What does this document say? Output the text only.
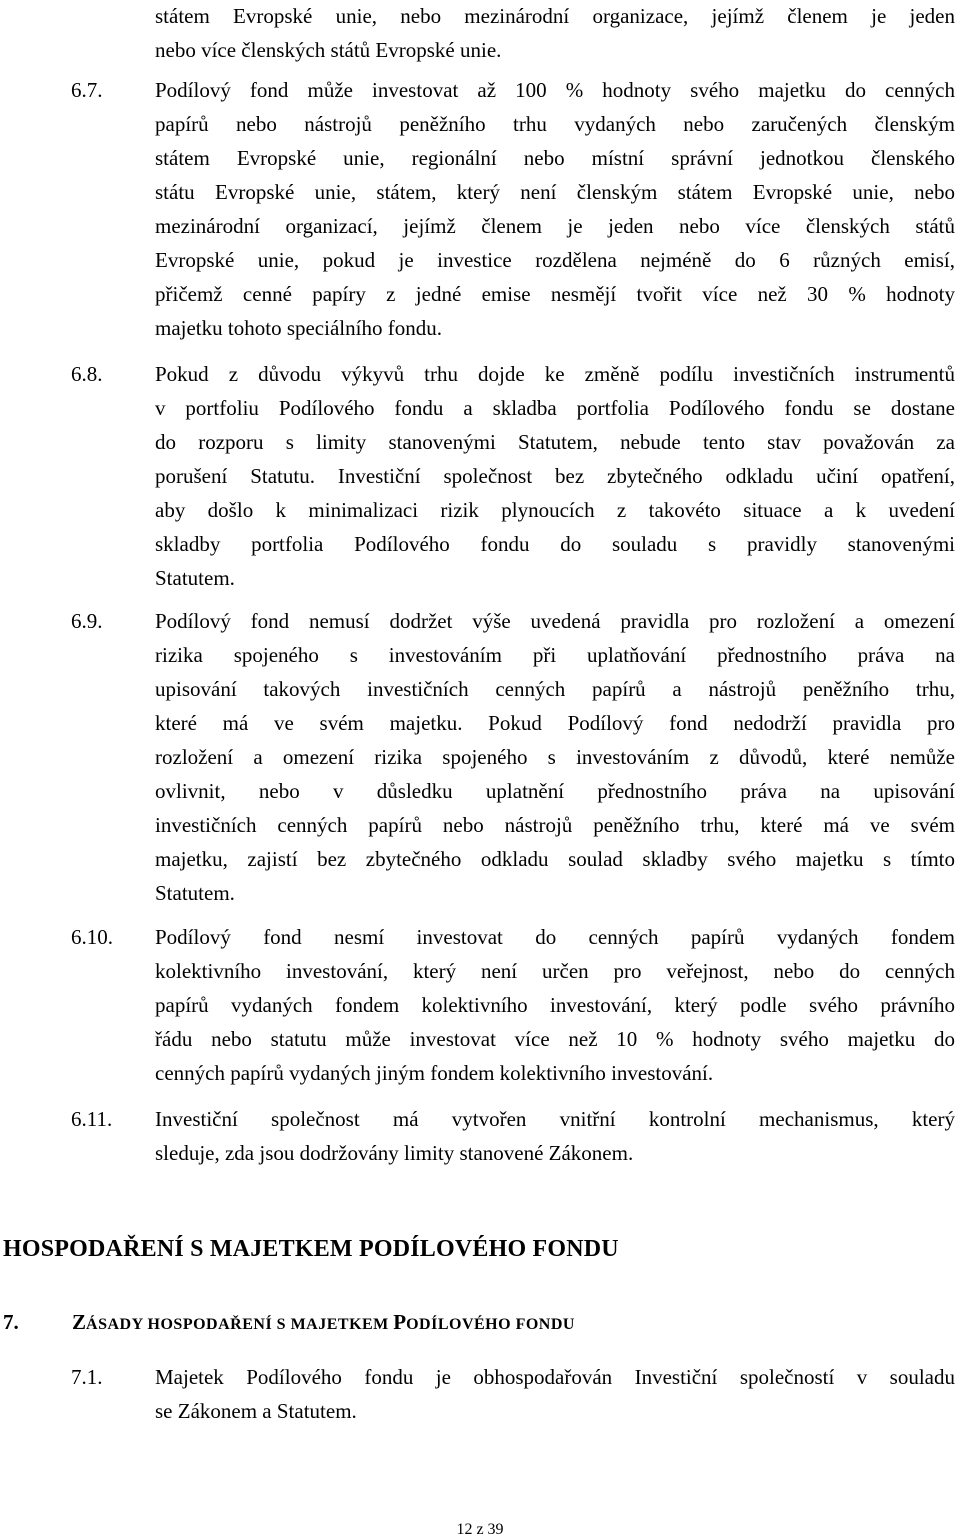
státem Evropské unie, nebo mezinárodní organizace, jejímž členem je jeden
nebo více členských států Evropské unie.
6.7.	Podílový fond může investovat až 100 % hodnoty svého majetku do cenných
papírů nebo nástrojů peněžního trhu vydaných nebo zaručených členským
státem Evropské unie, regionální nebo místní správní jednotkou členského
státu Evropské unie, státem, který není členským státem Evropské unie, nebo
mezinárodní organizací, jejímž členem je jeden nebo více členských států
Evropské unie, pokud je investice rozdělena nejméně do 6 různých emisí,
přičemž cenné papíry z jedné emise nesmějí tvořit více než 30 % hodnoty
majetku tohoto speciálního fondu.
6.8.	Pokud z důvodu výkyvů trhu dojde ke změně podílu investičních instrumentů
v portfoliu Podílového fondu a skladba portfolia Podílového fondu se dostane
do rozporu s limity stanovenými Statutem, nebude tento stav považován za
porušení Statutu. Investiční společnost bez zbytečného odkladu učiní opatření,
aby došlo k minimalizaci rizik plynoucích z takovéto situace a k uvedení
skladby portfolia Podílového fondu do souladu s pravidly stanovenými
Statutem.
6.9.	Podílový fond nemusí dodržet výše uvedená pravidla pro rozložení a omezení
rizika spojeného s investováním při uplatňování přednostního práva na
upisování takových investičních cenných papírů a nástrojů peněžního trhu,
které má ve svém majetku. Pokud Podílový fond nedodrží pravidla pro
rozložení a omezení rizika spojeného s investováním z důvodů, které nemůže
ovlivnit, nebo v důsledku uplatnění přednostního práva na upisování
investičních cenných papírů nebo nástrojů peněžního trhu, které má ve svém
majetku, zajistí bez zbytečného odkladu soulad skladby svého majetku s tímto
Statutem.
6.10. Podílový fond nesmí investovat do cenných papírů vydaných fondem
kolektivního investování, který není určen pro veřejnost, nebo do cenných
papírů vydaných fondem kolektivního investování, který podle svého právního
řádu nebo statutu může investovat více než 10 % hodnoty svého majetku do
cenných papírů vydaných jiným fondem kolektivního investování.
6.11. Investiční společnost má vytvořen vnitřní kontrolní mechanismus, který
sleduje, zda jsou dodržovány limity stanovené Zákonem.
HOSPODAŘENÍ S MAJETKEM PODÍLOVÉHO FONDU
7.	ZÁSADY HOSPODAŘENÍ S MAJETKEM PODÍLOVÉHO FONDU
7.1.	Majetek Podílového fondu je obhospodařován Investiční společností v souladu
se Zákonem a Statutem.
12 z 39
